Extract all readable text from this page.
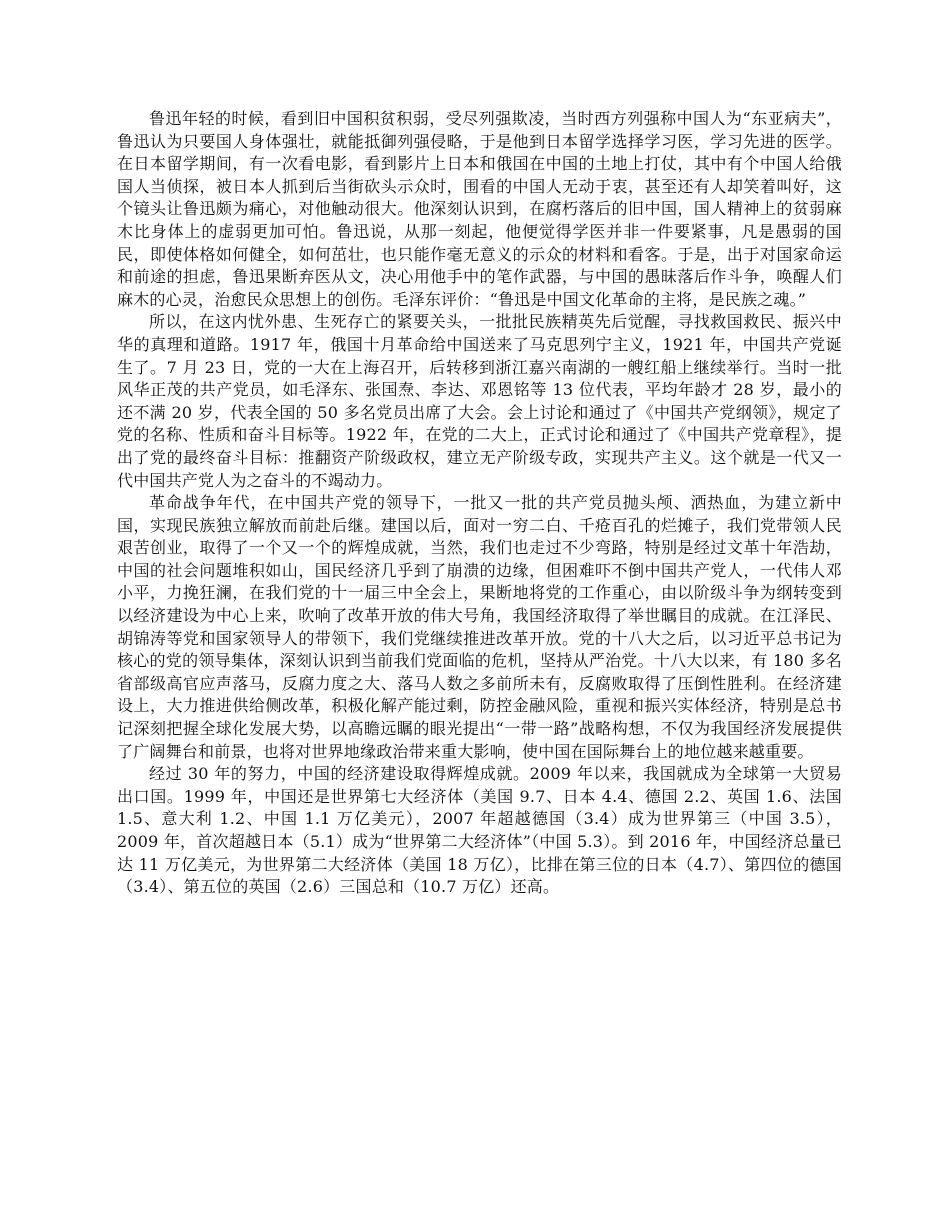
鲁迅年轻的时候，看到旧中国积贫积弱，受尽列强欺凌，当时西方列强称中国人为“东亚病夫”，鲁迅认为只要国人身体强壮，就能抵御列强侵略，于是他到日本留学选择学习医，学习先进的医学。在日本留学期间，有一次看电影，看到影片上日本和俄国在中国的土地上打仗，其中有个中国人给俄国人当侦探，被日本人抓到后当街砍头示众时，围看的中国人无动于衷，甚至还有人却笑着叫好，这个镜头让鲁迅颇为痛心，对他触动很大。他深刻认识到，在腐朽落后的旧中国，国人精神上的贫弱麻木比身体上的虚弱更加可怕。鲁迅说，从那一刻起，他便觉得学医并非一件要紧事，凡是愚弱的国民，即使体格如何健全，如何茁壮，也只能作毫无意义的示众的材料和看客。于是，出于对国家命运和前途的担虑，鲁迅果断弃医从文，决心用他手中的笔作武器，与中国的愚昧落后作斗争，唤醒人们麻木的心灵，治愈民众思想上的创伤。毛泽东评价：“鲁迅是中国文化革命的主将，是民族之魂。”

所以，在这内忧外患、生死存亡的紧要关头，一批批民族精英先后觉醒，寻找救国救民、振兴中华的真理和道路。1917 年，俄国十月革命给中国送来了马克思列宁主义，1921 年，中国共产党诞生了。7 月 23 日，党的一大在上海召开，后转移到浙江嘉兴南湖的一艘红船上继续举行。当时一批风华正茂的共产党员，如毛泽东、张国焘、李达、邓恩铭等 13 位代表，平均年龄才 28 岁，最小的还不满 20 岁，代表全国的 50 多名党员出席了大会。会上讨论和通过了《中国共产党纲领》，规定了党的名称、性质和奋斗目标等。1922 年，在党的二大上，正式讨论和通过了《中国共产党章程》，提出了党的最终奋斗目标：推翻资产阶级政权，建立无产阶级专政，实现共产主义。这个就是一代又一代中国共产党人为之奋斗的不竭动力。

革命战争年代，在中国共产党的领导下，一批又一批的共产党员抛头颅、洒热血，为建立新中国，实现民族独立解放而前赴后继。建国以后，面对一穷二白、千疮百孔的烂摊子，我们党带领人民艰苦创业，取得了一个又一个的辉煌成就，当然，我们也走过不少弯路，特别是经过文革十年浩劫，中国的社会问题堆积如山，国民经济几乎到了崩溃的边缘，但困难吓不倒中国共产党人，一代伟人邓小平，力挽狂澜，在我们党的十一届三中全会上，果断地将党的工作重心，由以阶级斗争为纲转变到以经济建设为中心上来，吹响了改革开放的伟大号角，我国经济取得了举世瞩目的成就。在江泽民、胡锦涛等党和国家领导人的带领下，我们党继续推进改革开放。党的十八大之后，以习近平总书记为核心的党的领导集体，深刻认识到当前我们党面临的危机，坚持从严治党。十八大以来，有 180 多名省部级高官应声落马，反腐力度之大、落马人数之多前所未有，反腐败取得了压倒性胜利。在经济建设上，大力推进供给侧改革，积极化解产能过剩，防控金融风险，重视和振兴实体经济，特别是总书记深刻把握全球化发展大势，以高瞻远瞩的眼光提出“一带一路”战略构想，不仅为我国经济发展提供了广阔舞台和前景，也将对世界地缘政治带来重大影响，使中国在国际舞台上的地位越来越重要。

经过 30 年的努力，中国的经济建设取得辉煌成就。2009 年以来，我国就成为全球第一大贸易出口国。1999 年，中国还是世界第七大经济体（美国 9.7、日本 4.4、德国 2.2、英国 1.6、法国 1.5、意大利 1.2、中国 1.1 万亿美元），2007 年超越德国（3.4）成为世界第三（中国 3.5），2009 年，首次超越日本（5.1）成为“世界第二大经济体”（中国 5.3）。到 2016 年，中国经济总量已达 11 万亿美元，为世界第二大经济体（美国 18 万亿），比排在第三位的日本（4.7）、第四位的德国（3.4）、第五位的英国（2.6）三国总和（10.7 万亿）还高。
